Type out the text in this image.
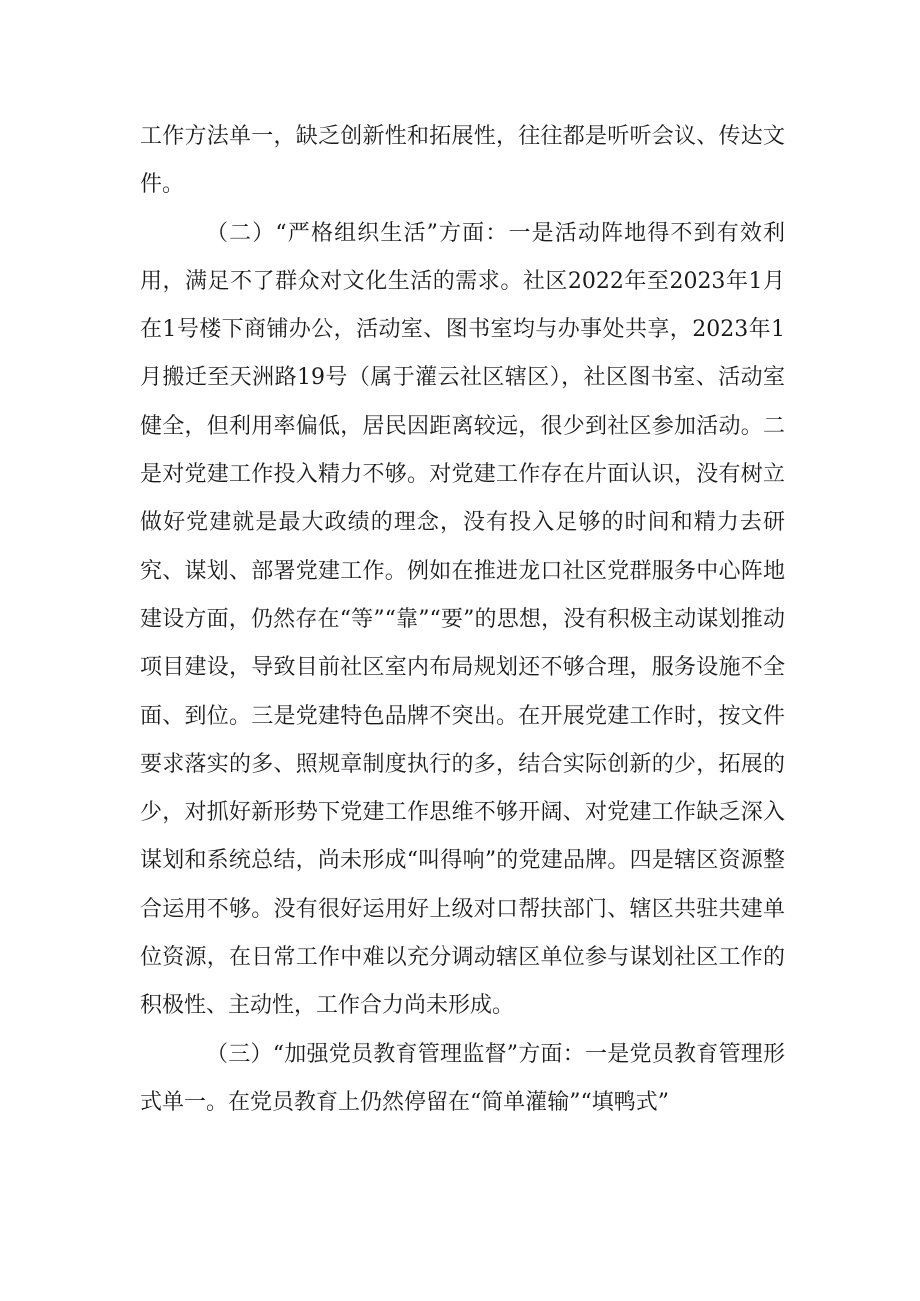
工作方法单一，缺乏创新性和拓展性，往往都是听听会议、传达文件。

（二）“严格组织生活”方面：一是活动阵地得不到有效利用，满足不了群众对文化生活的需求。社区2022年至2023年1月在1号楼下商铺办公，活动室、图书室均与办事处共享，2023年1月搬迁至天洲路19号（属于灌云社区辖区），社区图书室、活动室健全，但利用率偏低，居民因距离较远，很少到社区参加活动。二是对党建工作投入精力不够。对党建工作存在片面认识，没有树立做好党建就是最大政绩的理念，没有投入足够的时间和精力去研究、谋划、部署党建工作。例如在推进龙口社区党群服务中心阵地建设方面，仍然存在“等”“靠”“要”的思想，没有积极主动谋划推动项目建设，导致目前社区室内布局规划还不够合理，服务设施不全面、到位。三是党建特色品牌不突出。在开展党建工作时，按文件要求落实的多、照规章制度执行的多，结合实际创新的少，拓展的少，对抓好新形势下党建工作思维不够开阔、对党建工作缺乏深入谋划和系统总结，尚未形成“叫得响”的党建品牌。四是辖区资源整合运用不够。没有很好运用好上级对口帮扶部门、辖区共驻共建单位资源，在日常工作中难以充分调动辖区单位参与谋划社区工作的积极性、主动性，工作合力尚未形成。

（三）“加强党员教育管理监督”方面：一是党员教育管理形式单一。在党员教育上仍然停留在“简单灌输”“填鸭式”
